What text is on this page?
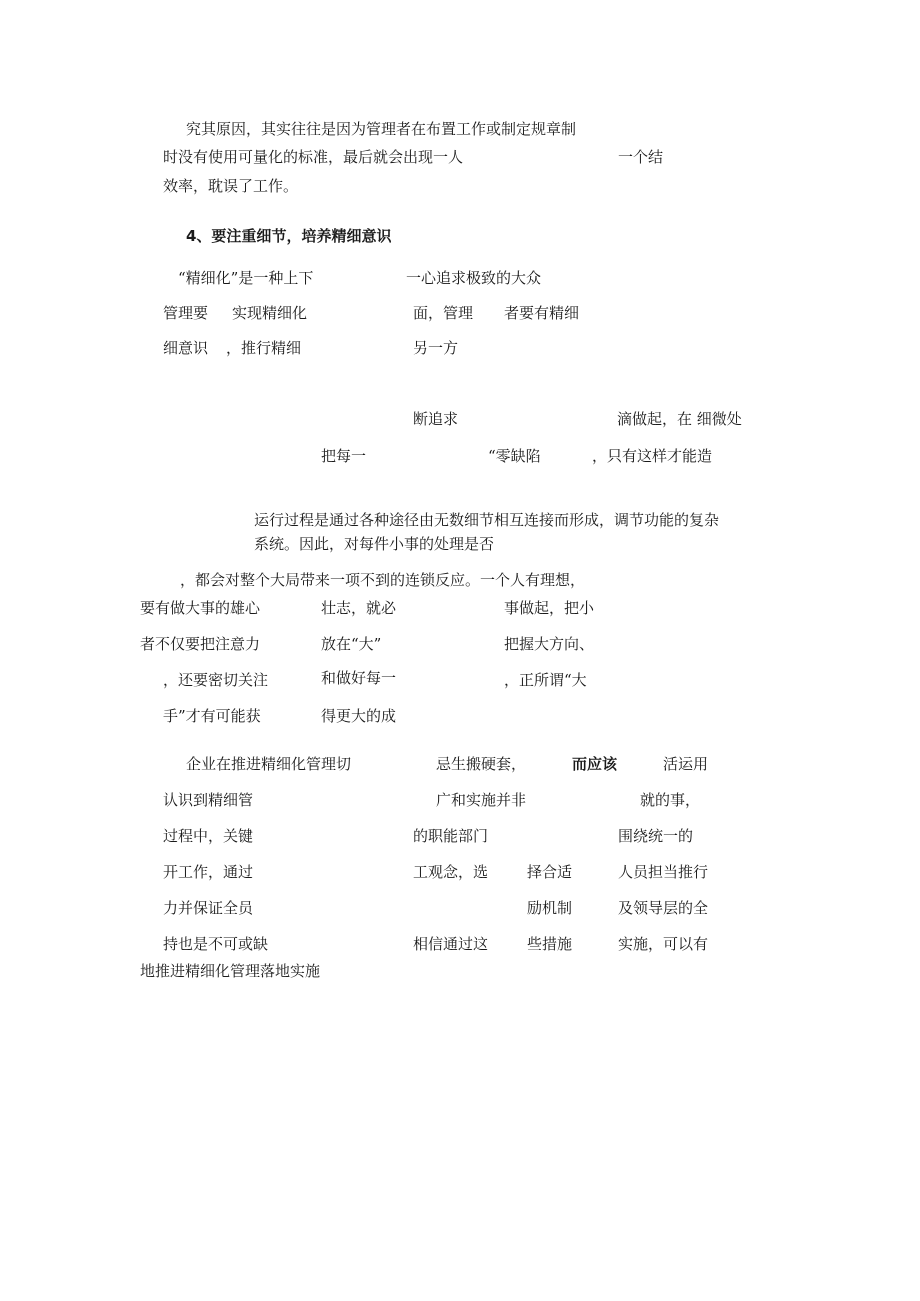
究其原因，其实往往是因为管理者在布置工作或制定规章制
时没有使用可量化的标准，最后就会出现一人	一个结
效率，耽误了工作。
4、要注重细节，培养精细意识
“精细化”是一种上下	一心追求极致的大众
管理要 实现精细化	面，管理 者要有精细
细意识 ，推行精细	另一方
断追求	滴做起，在 细微处
把每一	“零缺陷	，只有这样才能造
运行过程是通过各种途径由无数细节相互连接而形成，调节功能的复杂
系统。因此，对每件小事的处理是否
，都会对整个大局带来一项不到的连锁反应。一个人有理想，
要有做大事的雄心	壮志，就必	事做起，把小
者不仅要把注意力	放在“大”	把握大方向、
，还要密切关注	和做好每一	，正所谓“大
手”才有可能获	得更大的成
企业在推进精细化管理切	忌生搬硬套，	而应该	活运用
认识到精细管	广和实施并非	就的事，
过程中，关键	的职能部门	围绕统一的
开工作，通过	工观念，选	择合适	人员担当推行
力并保证全员	励机制	及领导层的全
持也是不可或缺	相信通过这	些措施	实施，可以有
地推进精细化管理落地实施
